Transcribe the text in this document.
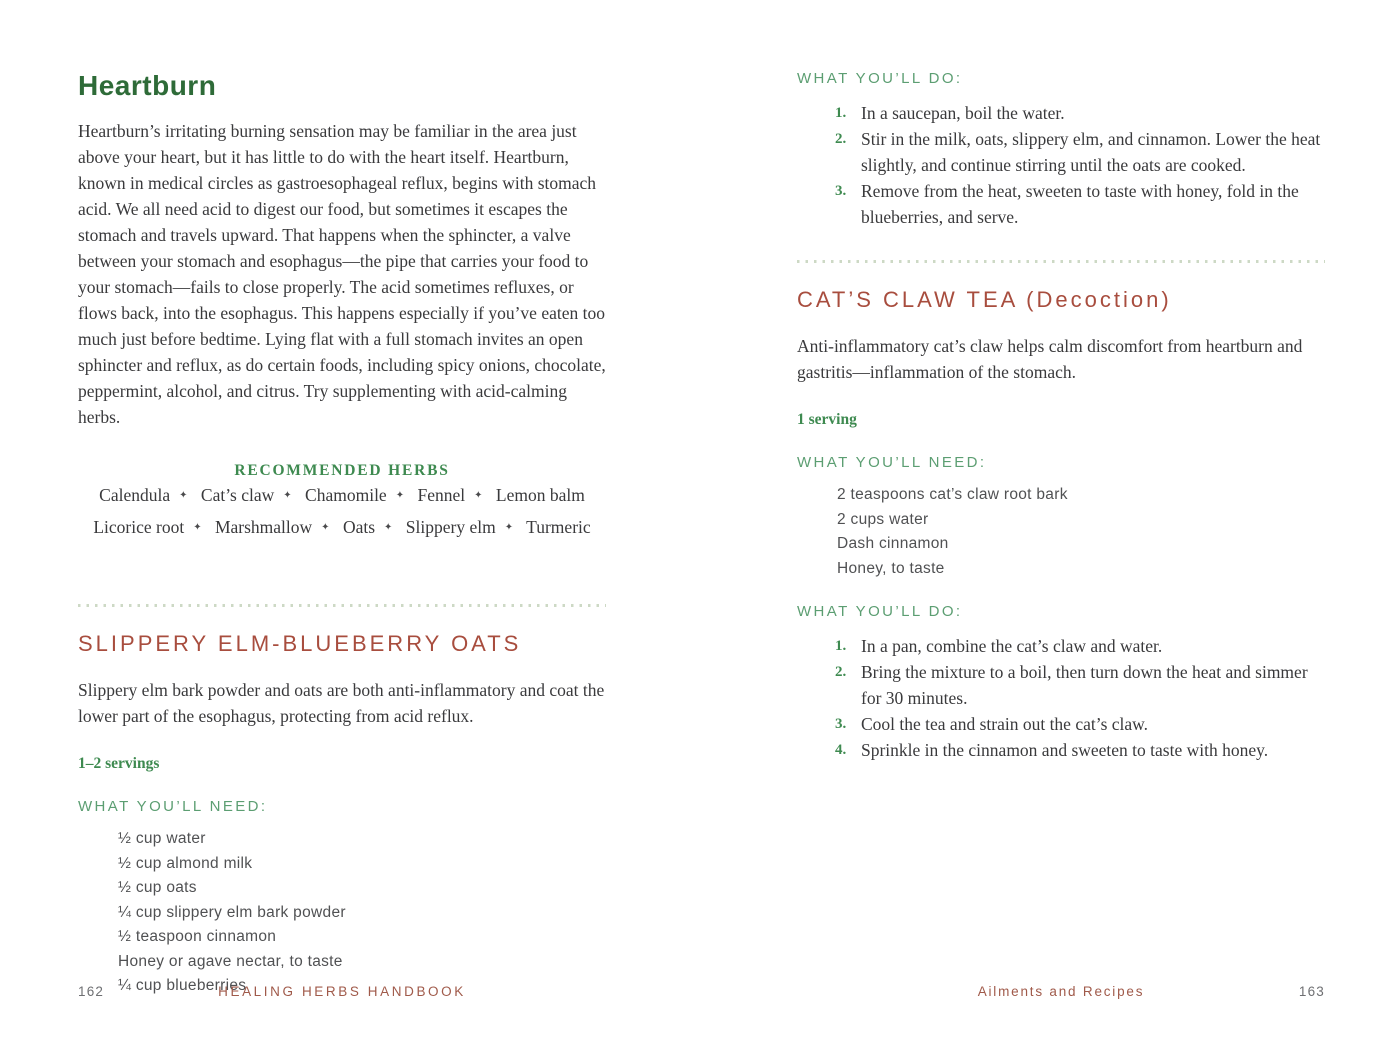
Heartburn

Heartburn’s irritating burning sensation may be familiar in the area just above your heart, but it has little to do with the heart itself. Heartburn, known in medical circles as gastroesophageal reflux, begins with stomach acid. We all need acid to digest our food, but sometimes it escapes the stomach and travels upward. That happens when the sphincter, a valve between your stomach and esophagus—the pipe that carries your food to your stomach—fails to close properly. The acid sometimes refluxes, or flows back, into the esophagus. This happens especially if you’ve eaten too much just before bedtime. Lying flat with a full stomach invites an open sphincter and reflux, as do certain foods, including spicy onions, chocolate, peppermint, alcohol, and citrus. Try supplementing with acid-calming herbs.

RECOMMENDED HERBS
Calendula ✦ Cat’s claw ✦ Chamomile ✦ Fennel ✦ Lemon balm
Licorice root ✦ Marshmallow ✦ Oats ✦ Slippery elm ✦ Turmeric
SLIPPERY ELM-BLUEBERRY OATS

Slippery elm bark powder and oats are both anti-inflammatory and coat the lower part of the esophagus, protecting from acid reflux.

1–2 servings
WHAT YOU’LL NEED:
½ cup water
½ cup almond milk
½ cup oats
¼ cup slippery elm bark powder
½ teaspoon cinnamon
Honey or agave nectar, to taste
¼ cup blueberries
162	HEALING HERBS HANDBOOK
WHAT YOU’LL DO:
1. In a saucepan, boil the water.
2. Stir in the milk, oats, slippery elm, and cinnamon. Lower the heat slightly, and continue stirring until the oats are cooked.
3. Remove from the heat, sweeten to taste with honey, fold in the blueberries, and serve.
CAT’S CLAW TEA (Decoction)

Anti-inflammatory cat’s claw helps calm discomfort from heartburn and gastritis—inflammation of the stomach.

1 serving
WHAT YOU’LL NEED:
2 teaspoons cat’s claw root bark
2 cups water
Dash cinnamon
Honey, to taste
WHAT YOU’LL DO:
1. In a pan, combine the cat’s claw and water.
2. Bring the mixture to a boil, then turn down the heat and simmer for 30 minutes.
3. Cool the tea and strain out the cat’s claw.
4. Sprinkle in the cinnamon and sweeten to taste with honey.
Ailments and Recipes	163
